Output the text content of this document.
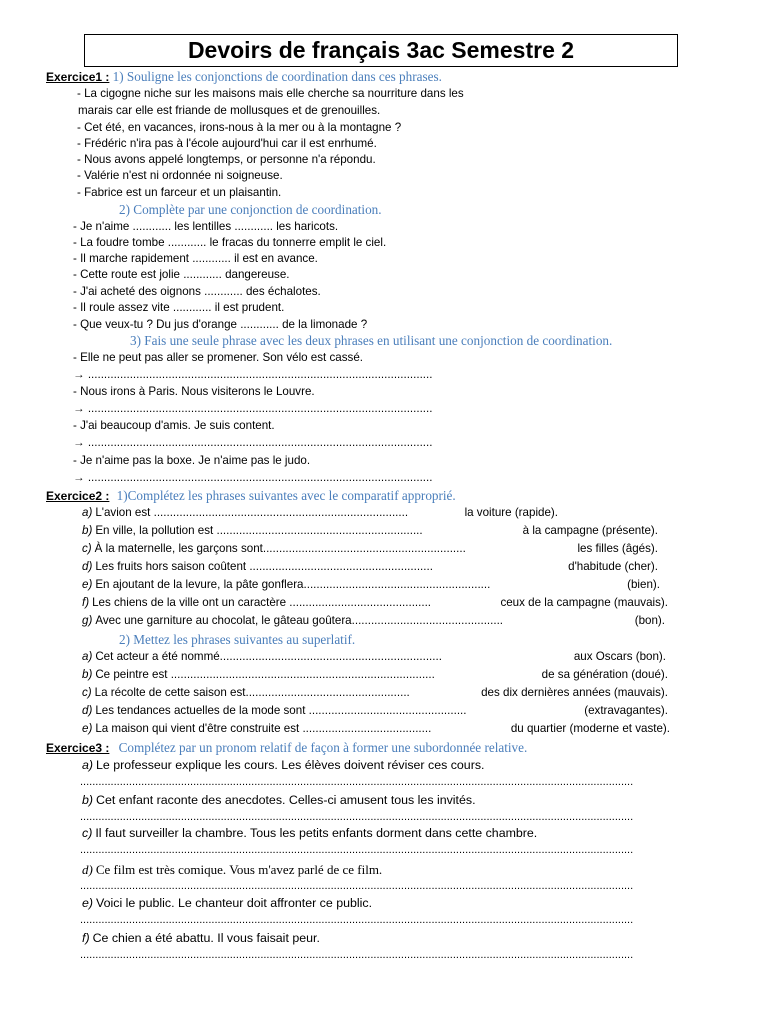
Devoirs de français 3ac Semestre 2
Exercice1 : 1) Souligne les conjonctions de coordination dans ces phrases.
- La cigogne niche sur les maisons mais elle cherche sa nourriture dans les
marais car elle est friande de mollusques et de grenouilles.
- Cet été, en vacances, irons-nous à la mer ou à la montagne ?
- Frédéric n'ira pas à l'école aujourd'hui car il est enrhumé.
- Nous avons appelé longtemps, or personne n'a répondu.
- Valérie n'est ni ordonnée ni soigneuse.
- Fabrice est un farceur et un plaisantin.
2) Complète par une conjonction de coordination.
- Je n'aime ............ les lentilles ............ les haricots.
- La foudre tombe ............ le fracas du tonnerre emplit le ciel.
- Il marche rapidement ............ il est en avance.
- Cette route est jolie ............ dangereuse.
- J'ai acheté des oignons ............ des échalotes.
- Il roule assez vite ............ il est prudent.
- Que veux-tu ? Du jus d'orange ............ de la limonade ?
3) Fais une seule phrase avec les deux phrases en utilisant une conjonction de coordination.
- Elle ne peut pas aller se promener. Son vélo est cassé.
→ ...........................................................................................................
- Nous irons à Paris. Nous visiterons le Louvre.
→ ...........................................................................................................
- J'ai beaucoup d'amis. Je suis content.
→ ...........................................................................................................
- Je n'aime pas la boxe. Je n'aime pas le judo.
→ ...........................................................................................................
Exercice2 : 1)Complétez les phrases suivantes avec le comparatif approprié.
a) L'avion est ...............................................................................	la voiture (rapide).
b) En ville, la pollution est ................................................................	à la campagne (présente).
c) À la maternelle, les garçons sont...............................................................	les filles (âgés).
d) Les fruits hors saison coûtent .........................................................	d'habitude (cher).
e) En ajoutant de la levure, la pâte gonflera..........................................................	(bien).
f) Les chiens de la ville ont un caractère ............................................	ceux de la campagne (mauvais).
g) Avec une garniture au chocolat, le gâteau goûtera...............................................	(bon).
2) Mettez les phrases suivantes au superlatif.
a) Cet acteur a été nommé.....................................................................	aux Oscars (bon).
b) Ce peintre est ..................................................................................	de sa génération (doué).
c) La récolte de cette saison est...................................................	des dix dernières années (mauvais).
d) Les tendances actuelles de la mode sont .................................................	(extravagantes).
e) La maison qui vient d'être construite est ........................................	du quartier (moderne et vaste).
Exercice3 : Complétez par un pronom relatif de façon à former une subordonnée relative.
a) Le professeur explique les cours. Les élèves doivent réviser ces cours.
.....................................................................................................................................................................................
b) Cet enfant raconte des anecdotes. Celles-ci amusent tous les invités.
.....................................................................................................................................................................................
c) Il faut surveiller la chambre. Tous les petits enfants dorment dans cette chambre.
.....................................................................................................................................................................................
d) Ce film est très comique. Vous m'avez parlé de ce film.
.....................................................................................................................................................................................
e) Voici le public. Le chanteur doit affronter ce public.
.....................................................................................................................................................................................
f) Ce chien a été abattu. Il vous faisait peur.
.....................................................................................................................................................................................
